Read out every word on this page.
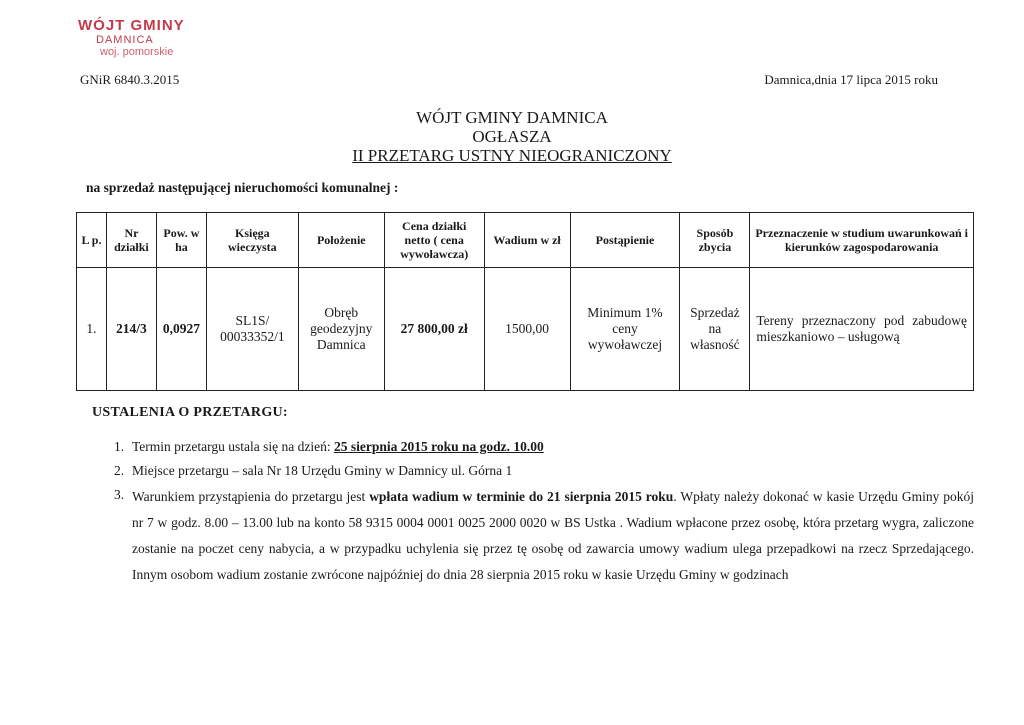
WÓJT GMINY
DAMNICA
woj. pomorskie
GNiR 6840.3.2015	Damnica,dnia 17 lipca 2015 roku
WÓJT GMINY DAMNICA
OGŁASZA
II PRZETARG USTNY NIEOGRANICZONY
na sprzedaż następującej nieruchomości komunalnej :
L p.	Nr działki	Pow. w ha	Księga wieczysta	Położenie	Cena działki netto ( cena wywoławcza)	Wadium w zł	Postąpienie	Sposób zbycia	Przeznaczenie w studium uwarunkowań i kierunków zagospodarowania
1.	214/3	0,0927	SL1S/ 00033352/1	Obręb geodezyjny Damnica	27 800,00 zł	1500,00	Minimum 1% ceny wywoławczej	Sprzedaż na własność	Tereny przeznaczony pod zabudowę mieszkaniowo – usługową
USTALENIA O PRZETARGU:
1. Termin przetargu ustala się na dzień: 25 sierpnia 2015 roku na godz. 10.00
2. Miejsce przetargu – sala Nr 18 Urzędu Gminy w Damnicy ul. Górna 1
3. Warunkiem przystąpienia do przetargu jest wpłata wadium w terminie do 21 sierpnia 2015 roku. Wpłaty należy dokonać w kasie Urzędu Gminy pokój nr 7 w godz. 8.00 – 13.00 lub na konto 58 9315 0004 0001 0025 2000 0020 w BS Ustka . Wadium wpłacone przez osobę, która przetarg wygra, zaliczone zostanie na poczet ceny nabycia, a w przypadku uchylenia się przez tę osobę od zawarcia umowy wadium ulega przepadkowi na rzecz Sprzedającego. Innym osobom wadium zostanie zwrócone najpóźniej do dnia 28 sierpnia 2015 roku w kasie Urzędu Gminy w godzinach
